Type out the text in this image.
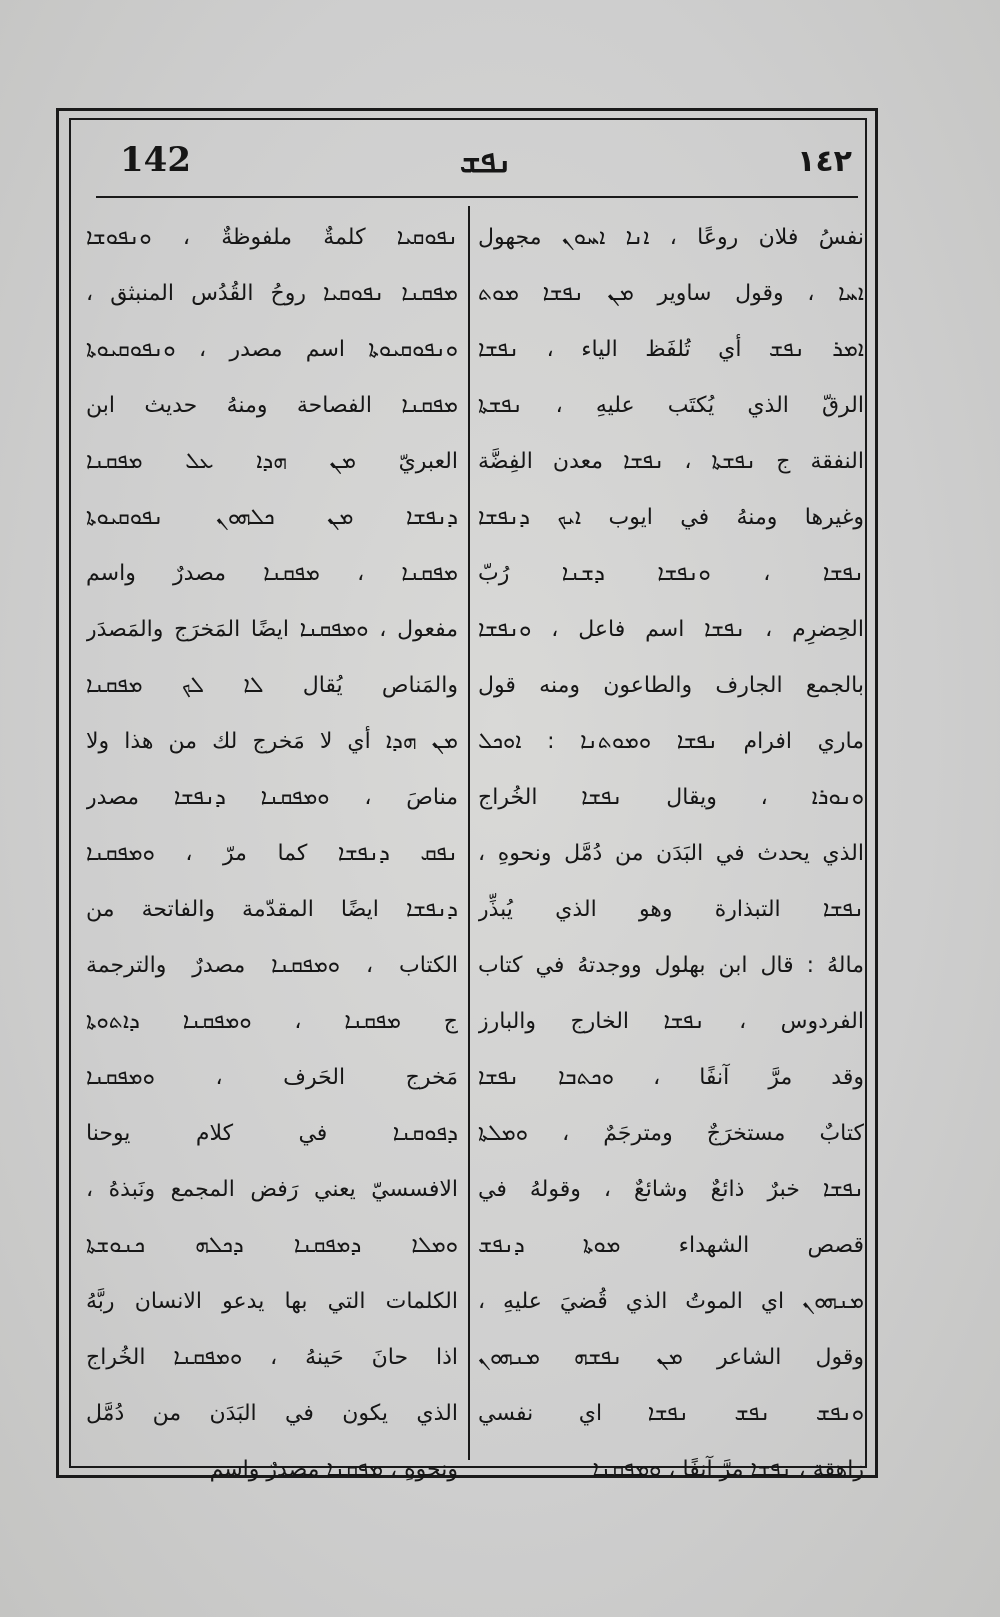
142	ܢܦܫ	١٤٢
نفسُ فلان روعًا ، ܐܢܐ ܐܚܘܢ مجهول
ܐܚܐ ، وقول ساوير ܡܢ ܢܦܫܐ ܡܘܬ
ܐܡܪ ܢܦܫ أي تُلفَظ الياء ، ܢܦܫܐ
الرقّ الذي يُكتَب عليهِ ، ܢܦܫܬܐ
النفقة ج ܢܦܫܬܐ ، ܢܦܫܐ معدن الفِضَّة
وغيرها ومنهُ في ايوب ܐܝܟ ܕܢܦܫܐ
ܢܦܫܐ ، ܘܢܦܫܐ ܕܫܢܐ رُبّ
الحِضرِم ، ܢܦܫܐ اسم فاعل ، ܘܢܦܫܐ
بالجمع الجارف والطاعون ومنه قول
ماري افرام ܢܦܫܐ ܘܡܘܬܢܐ : ܐܘܟܠ
ܘܢܘܪܐ ، ويقال ܢܦܫܐ الخُراج
الذي يحدث في البَدَن من دُمَّل ونحوهِ ،
ܢܦܫܐ التبذارة وهو الذي يُبذِّر
مالهُ : قال ابن بهلول ووجدتهُ في كتاب
الفردوس ، ܢܦܫܐ الخارج والبارز
وقد مرَّ آنفًا ، ܘܟܬܒܐ ܢܦܫܐ
كتابٌ مستخرَجٌ ومترجَمٌ ، ܘܡܠܬܐ
ܢܦܫܐ خبرٌ ذائعٌ وشائعٌ ، وقولهُ في
قصص الشهداء ܡܘܬܐ ܕܢܦܫ
ܡܢܗܘܢ اي الموتُ الذي قُضيَ عليهِ ،
وقول الشاعر ܡܢ ܢܦܫܗ ܡܢܗܘܢ
ܘܢܦܫ ܢܦܫ ܢܦܫܐ اي نفسي
زاهقة ، ܢܦܫܐ مرَّ آنفًا ، ܘܡܦܩܢܐ
ܢܦܘܩܝܐ كلمةٌ ملفوظةٌ ، ܘܢܦܘܫܐ
ܡܦܩܢܐ ܢܦܘܩܝܐ روحُ القُدُس المنبثق ،
ܘܢܦܘܩܝܘܬܐ اسم مصدر ، ܘܢܦܘܩܝܘܬܐ
ܡܦܩܢܐ الفصاحة ومنهُ حديث ابن
العبريّ ܡܢ ܗܕܐ ܥܠ ܡܦܩܢܐ
ܕܢܦܫܐ ܡܢ ܟܠܗܘܢ ܢܦܘܩܝܘܬܐ
ܡܦܩܢܐ ، ܡܦܩܢܐ مصدرٌ واسم
مفعول ، ܘܡܦܩܢܐ ايضًا المَخرَج والمَصدَر
والمَناص يُقال ܠܐ ܠܟ ܡܦܩܢܐ
ܡܢ ܗܕܐ أي لا مَخرج لك من هذا ولا
مناصَ ، ܘܡܦܩܢܐ ܕܢܦܫܐ مصدر
ܢܦܩ ܕܢܦܫܐ كما مرّ ، ܘܡܦܩܢܐ
ܕܢܦܫܐ ايضًا المقدّمة والفاتحة من
الكتاب ، ܘܡܦܩܢܐ مصدرٌ والترجمة
ج ܡܦܩܢܐ ، ܘܡܦܩܢܐ ܕܐܬܘܬܐ
مَخرج الحَرف ، ܘܡܦܩܢܐ
ܕܦܘܩܢܐ في كلام يوحنا
الافسسيّ يعني رَفض المجمع ونَبذهُ ،
ܘܡܠܐ ܕܡܦܩܢܐ ܕܟܠܗ ܟܢܘܫܬܐ
الكلمات التي بها يدعو الانسان ربَّهُ
اذا حانَ حَينهُ ، ܘܡܦܩܢܐ الخُراج
الذي يكون في البَدَن من دُمَّل
ونحوهِ ، ܡܦܩܢܐ مصدرٌ واسم
